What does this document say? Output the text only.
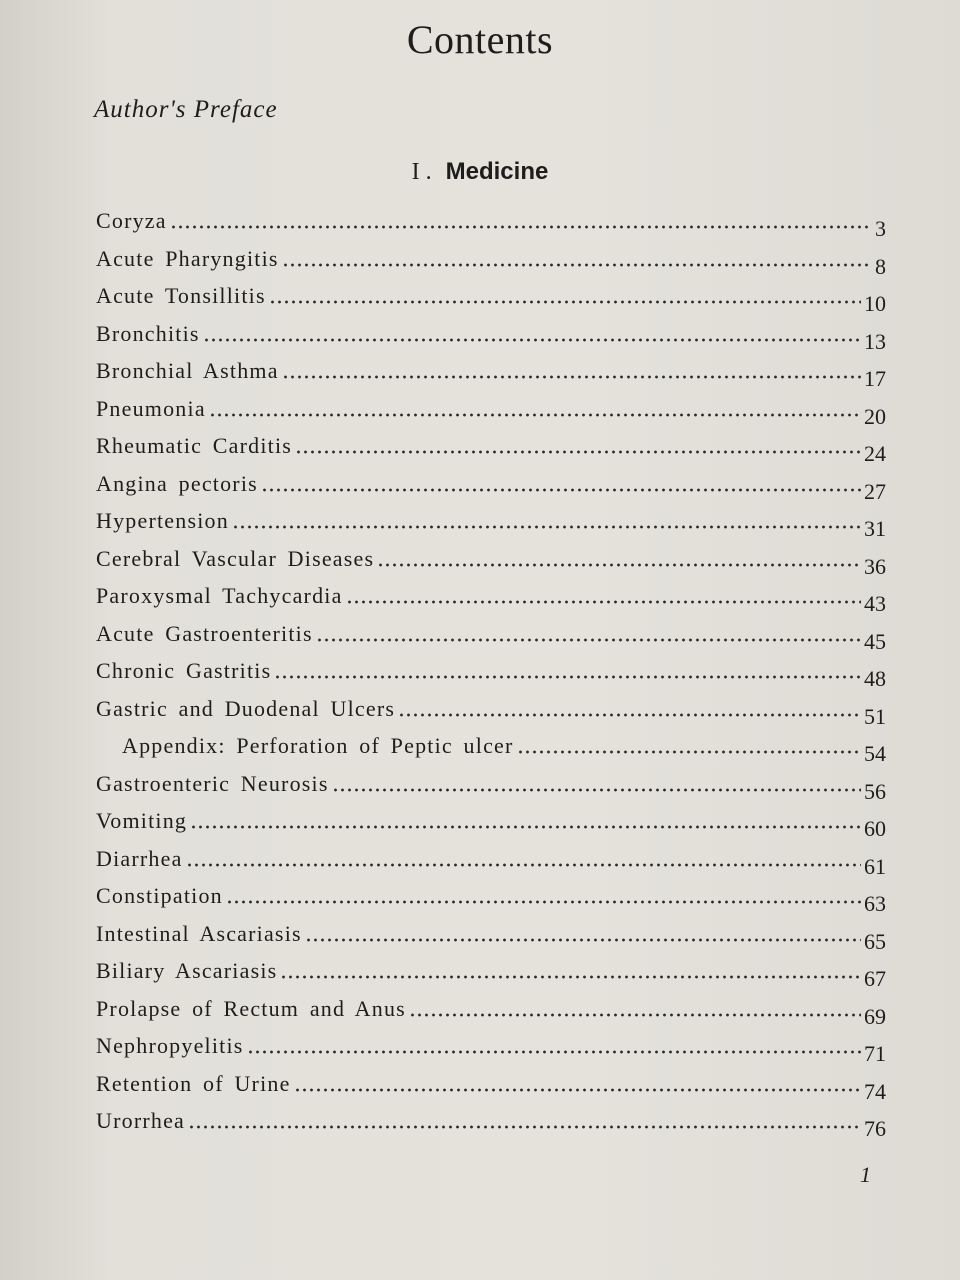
Contents

Author's Preface

I . Medicine
Coryza	3
Acute Pharyngitis	8
Acute Tonsillitis	10
Bronchitis	13
Bronchial Asthma	17
Pneumonia	20
Rheumatic Carditis	24
Angina pectoris	27
Hypertension	31
Cerebral Vascular Diseases	36
Paroxysmal Tachycardia	43
Acute Gastroenteritis	45
Chronic Gastritis	48
Gastric and Duodenal Ulcers	51
Appendix: Perforation of Peptic ulcer	54
Gastroenteric Neurosis	56
Vomiting	60
Diarrhea	61
Constipation	63
Intestinal Ascariasis	65
Biliary Ascariasis	67
Prolapse of Rectum and Anus	69
Nephropyelitis	71
Retention of Urine	74
Urorrhea	76

1
